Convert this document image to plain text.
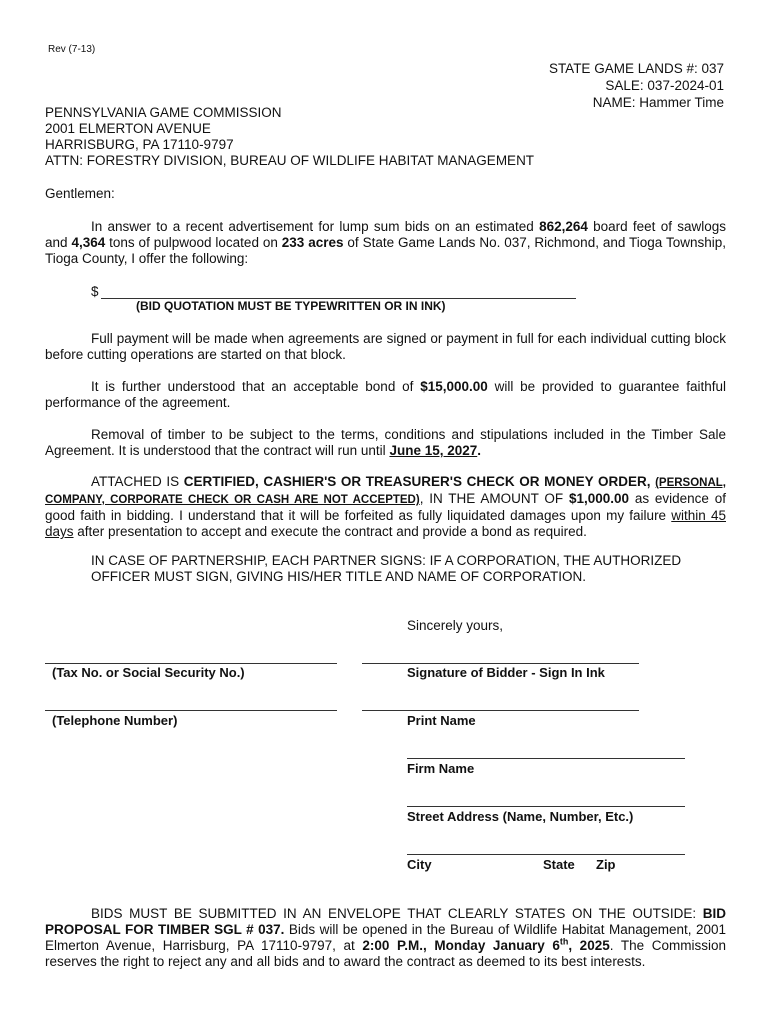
Rev (7-13)
STATE GAME LANDS #: 037
SALE: 037-2024-01
NAME: Hammer Time
PENNSYLVANIA GAME COMMISSION
2001 ELMERTON AVENUE
HARRISBURG, PA 17110-9797
ATTN: FORESTRY DIVISION, BUREAU OF WILDLIFE HABITAT MANAGEMENT
Gentlemen:
In answer to a recent advertisement for lump sum bids on an estimated 862,264 board feet of sawlogs and 4,364 tons of pulpwood located on 233 acres of State Game Lands No. 037, Richmond, and Tioga Township, Tioga County, I offer the following:
$
(BID QUOTATION MUST BE TYPEWRITTEN OR IN INK)
Full payment will be made when agreements are signed or payment in full for each individual cutting block before cutting operations are started on that block.
It is further understood that an acceptable bond of $15,000.00 will be provided to guarantee faithful performance of the agreement.
Removal of timber to be subject to the terms, conditions and stipulations included in the Timber Sale Agreement. It is understood that the contract will run until June 15, 2027.
ATTACHED IS CERTIFIED, CASHIER'S OR TREASURER'S CHECK OR MONEY ORDER, (PERSONAL, COMPANY, CORPORATE CHECK OR CASH ARE NOT ACCEPTED), IN THE AMOUNT OF $1,000.00 as evidence of good faith in bidding. I understand that it will be forfeited as fully liquidated damages upon my failure within 45 days after presentation to accept and execute the contract and provide a bond as required.
IN CASE OF PARTNERSHIP, EACH PARTNER SIGNS: IF A CORPORATION, THE AUTHORIZED OFFICER MUST SIGN, GIVING HIS/HER TITLE AND NAME OF CORPORATION.
Sincerely yours,
(Tax No. or Social Security No.)	Signature of Bidder - Sign In Ink
(Telephone Number)	Print Name
Firm Name
Street Address (Name, Number, Etc.)
City	State Zip
BIDS MUST BE SUBMITTED IN AN ENVELOPE THAT CLEARLY STATES ON THE OUTSIDE: BID PROPOSAL FOR TIMBER SGL # 037. Bids will be opened in the Bureau of Wildlife Habitat Management, 2001 Elmerton Avenue, Harrisburg, PA 17110-9797, at 2:00 P.M., Monday January 6th, 2025. The Commission reserves the right to reject any and all bids and to award the contract as deemed to its best interests.
